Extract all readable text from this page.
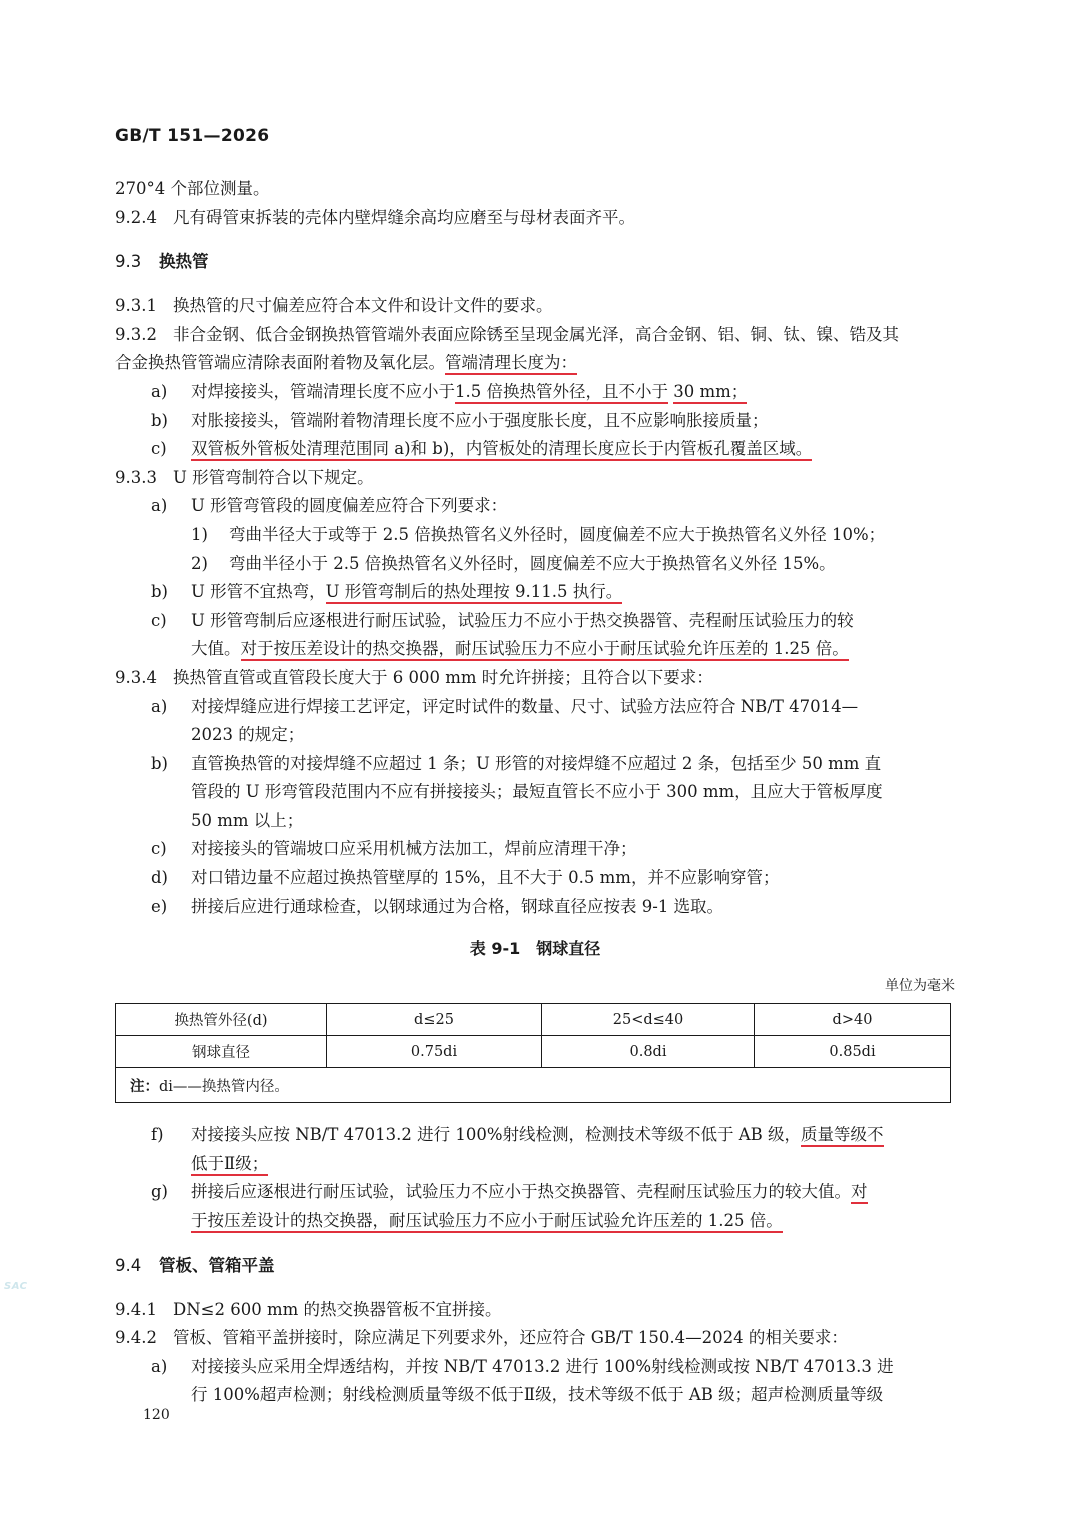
GB/T 151—2026

270°4 个部位测量。

9.2.4 凡有碍管束拆装的壳体内壁焊缝余高均应磨至与母材表面齐平。

9.3 换热管

9.3.1 换热管的尺寸偏差应符合本文件和设计文件的要求。

9.3.2 非合金钢、低合金钢换热管管端外表面应除锈至呈现金属光泽，高合金钢、铝、铜、钛、镍、锆及其

合金换热管管端应清除表面附着物及氧化层。管端清理长度为：

a) 对焊接接头，管端清理长度不应小于1.5 倍换热管外径，且不小于 30 mm；

b) 对胀接接头，管端附着物清理长度不应小于强度胀长度，且不应影响胀接质量；

c) 双管板外管板处清理范围同 a)和 b)，内管板处的清理长度应长于内管板孔覆盖区域。

9.3.3 U 形管弯制符合以下规定。

a) U 形管弯管段的圆度偏差应符合下列要求：

1) 弯曲半径大于或等于 2.5 倍换热管名义外径时，圆度偏差不应大于换热管名义外径 10%；

2) 弯曲半径小于 2.5 倍换热管名义外径时，圆度偏差不应大于换热管名义外径 15%。

b) U 形管不宜热弯，U 形管弯制后的热处理按 9.11.5 执行。

c) U 形管弯制后应逐根进行耐压试验，试验压力不应小于热交换器管、壳程耐压试验压力的较

大值。对于按压差设计的热交换器，耐压试验压力不应小于耐压试验允许压差的 1.25 倍。

9.3.4 换热管直管或直管段长度大于 6 000 mm 时允许拼接；且符合以下要求：

a) 对接焊缝应进行焊接工艺评定，评定时试件的数量、尺寸、试验方法应符合 NB/T 47014—

2023 的规定；

b) 直管换热管的对接焊缝不应超过 1 条；U 形管的对接焊缝不应超过 2 条，包括至少 50 mm 直

管段的 U 形弯管段范围内不应有拼接接头；最短直管长不应小于 300 mm，且应大于管板厚度

50 mm 以上；

c) 对接接头的管端坡口应采用机械方法加工，焊前应清理干净；

d) 对口错边量不应超过换热管壁厚的 15%，且不大于 0.5 mm，并不应影响穿管；

e) 拼接后应进行通球检查，以钢球通过为合格，钢球直径应按表 9-1 选取。

表 9-1　钢球直径

单位为毫米

换热管外径(d)	d≤25	25<d≤40	d>40
钢球直径	0.75di	0.8di	0.85di
注：di——换热管内径。			

f) 对接接头应按 NB/T 47013.2 进行 100%射线检测，检测技术等级不低于 AB 级，质量等级不

低于Ⅱ级；

g) 拼接后应逐根进行耐压试验，试验压力不应小于热交换器管、壳程耐压试验压力的较大值。对

于按压差设计的热交换器，耐压试验压力不应小于耐压试验允许压差的 1.25 倍。

9.4 管板、管箱平盖

9.4.1 DN≤2 600 mm 的热交换器管板不宜拼接。

9.4.2 管板、管箱平盖拼接时，除应满足下列要求外，还应符合 GB/T 150.4—2024 的相关要求：

a) 对接接头应采用全焊透结构，并按 NB/T 47013.2 进行 100%射线检测或按 NB/T 47013.3 进

行 100%超声检测；射线检测质量等级不低于Ⅱ级，技术等级不低于 AB 级；超声检测质量等级

SAC
120
